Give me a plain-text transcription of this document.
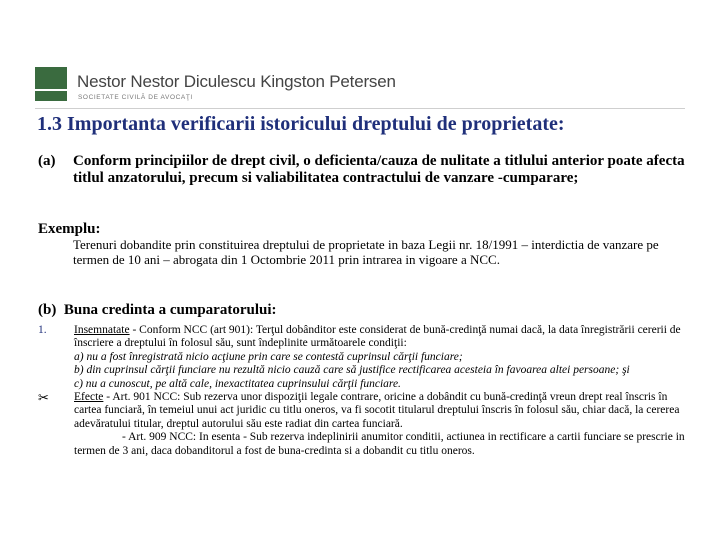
Nestor Nestor Diculescu Kingston Petersen
SOCIETATE CIVILĂ DE AVOCAŢI
1.3 Importanta verificarii istoricului dreptului de proprietate:
(a) Conform principiilor de drept civil, o deficienta/cauza de nulitate a titlului anterior poate afecta titlul anzatorului, precum si valiabilitatea contractului de vanzare -cumparare;
Exemplu:
Terenuri dobandite prin constituirea dreptului de proprietate in baza Legii nr. 18/1991 – interdictia de vanzare pe termen de 10 ani – abrogata din 1 Octombrie 2011 prin intrarea in vigoare a NCC.
(b) Buna credinta a cumparatorului:
1. Insemnatate - Conform NCC (art 901): Terţul dobânditor este considerat de bună-credinţă numai dacă, la data înregistrării cererii de înscriere a dreptului în folosul său, sunt îndeplinite următoarele condiţii:

a) nu a fost înregistrată nicio acţiune prin care se contestă cuprinsul cărţii funciare;

b) din cuprinsul cărţii funciare nu rezultă nicio cauză care să justifice rectificarea acesteia în favoarea altei persoane; şi

c) nu a cunoscut, pe altă cale, inexactitatea cuprinsului cărţii funciare.

✂ Efecte - Art. 901 NCC: Sub rezerva unor dispoziţii legale contrare, oricine a dobândit cu bună-credinţă vreun drept real înscris în cartea funciară, în temeiul unui act juridic cu titlu oneros, va fi socotit titularul dreptului înscris în folosul său, chiar dacă, la cererea adevăratului titular, dreptul autorului său este radiat din cartea funciară.

- Art. 909 NCC: In esenta - Sub rezerva indeplinirii anumitor conditii, actiunea in rectificare a cartii funciare se prescrie in termen de 3 ani, daca dobanditorul a fost de buna-credinta si a dobandit cu titlu oneros.
